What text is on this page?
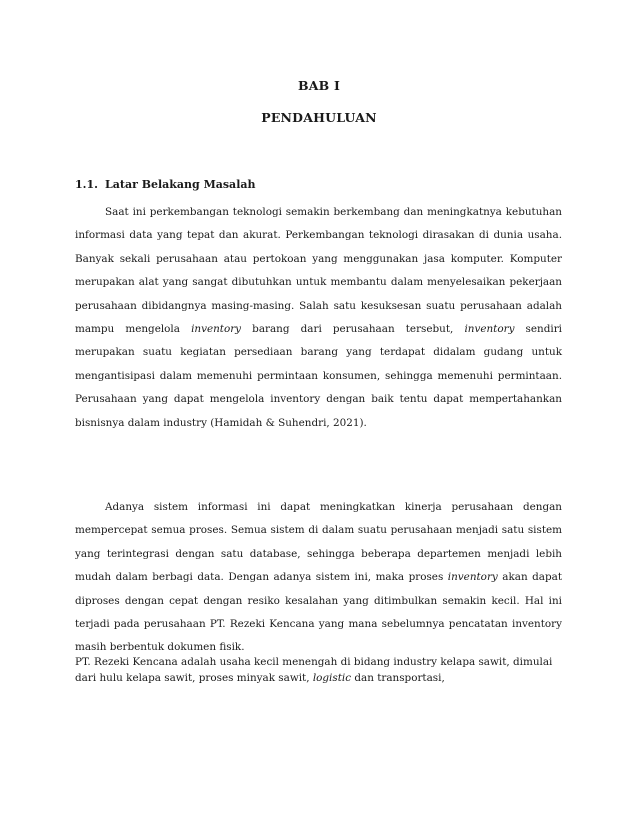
BAB I
PENDAHULUAN
1.1. Latar Belakang Masalah

Saat ini perkembangan teknologi semakin berkembang dan meningkatnya kebutuhan informasi data yang tepat dan akurat. Perkembangan teknologi dirasakan di dunia usaha. Banyak sekali perusahaan atau pertokoan yang menggunakan jasa komputer. Komputer merupakan alat yang sangat dibutuhkan untuk membantu dalam menyelesaikan pekerjaan perusahaan dibidangnya masing-masing. Salah satu kesuksesan suatu perusahaan adalah mampu mengelola inventory barang dari perusahaan tersebut, inventory sendiri merupakan suatu kegiatan persediaan barang yang terdapat didalam gudang untuk mengantisipasi dalam memenuhi permintaan konsumen, sehingga memenuhi permintaan. Perusahaan yang dapat mengelola inventory dengan baik tentu dapat mempertahankan bisnisnya dalam industry (Hamidah & Suhendri, 2021).

Adanya sistem informasi ini dapat meningkatkan kinerja perusahaan dengan mempercepat semua proses. Semua sistem di dalam suatu perusahaan menjadi satu sistem yang terintegrasi dengan satu database, sehingga beberapa departemen menjadi lebih mudah dalam berbagi data. Dengan adanya sistem ini, maka proses inventory akan dapat diproses dengan cepat dengan resiko kesalahan yang ditimbulkan semakin kecil. Hal ini terjadi pada perusahaan PT. Rezeki Kencana yang mana sebelumnya pencatatan inventory masih berbentuk dokumen fisik.

PT. Rezeki Kencana adalah usaha kecil menengah di bidang industry kelapa sawit, dimulai dari hulu kelapa sawit, proses minyak sawit, logistic dan transportasi,
